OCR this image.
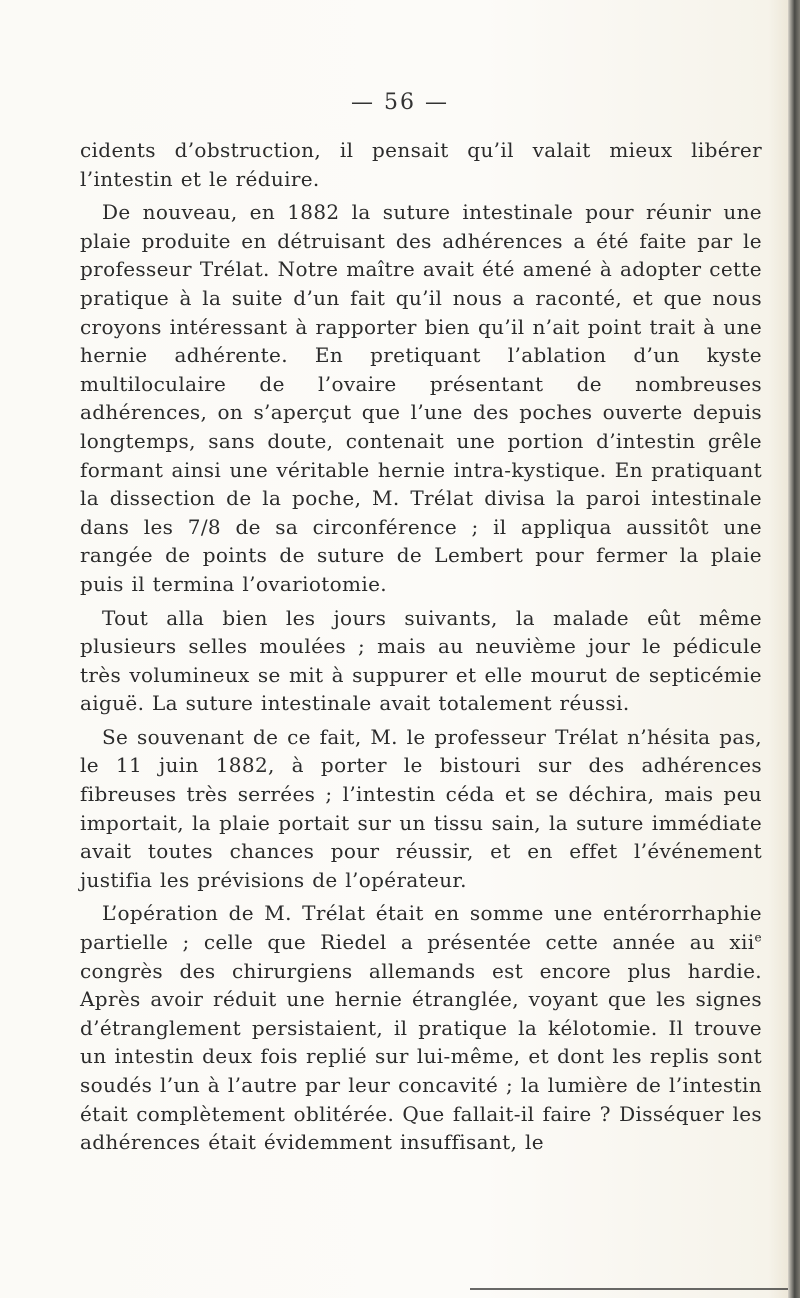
— 56 —

cidents d’obstruction, il pensait qu’il valait mieux libérer l’intestin et le réduire.

De nouveau, en 1882 la suture intestinale pour réunir une plaie produite en détruisant des adhérences a été faite par le professeur Trélat. Notre maître avait été amené à adopter cette pratique à la suite d’un fait qu’il nous a raconté, et que nous croyons intéressant à rapporter bien qu’il n’ait point trait à une hernie adhérente. En pretiquant l’ablation d’un kyste multiloculaire de l’ovaire présentant de nombreuses adhérences, on s’aperçut que l’une des poches ouverte depuis longtemps, sans doute, contenait une portion d’intestin grêle formant ainsi une véritable hernie intra-kystique. En pratiquant la dissection de la poche, M. Trélat divisa la paroi intestinale dans les 7/8 de sa circonférence ; il appliqua aussitôt une rangée de points de suture de Lembert pour fermer la plaie puis il termina l’ovariotomie.

Tout alla bien les jours suivants, la malade eût même plusieurs selles moulées ; mais au neuvième jour le pédicule très volumineux se mit à suppurer et elle mourut de septicémie aiguë. La suture intestinale avait totalement réussi.

Se souvenant de ce fait, M. le professeur Trélat n’hésita pas, le 11 juin 1882, à porter le bistouri sur des adhérences fibreuses très serrées ; l’intestin céda et se déchira, mais peu importait, la plaie portait sur un tissu sain, la suture immédiate avait toutes chances pour réussir, et en effet l’événement justifia les prévisions de l’opérateur.

L’opération de M. Trélat était en somme une entérorrhaphie partielle ; celle que Riedel a présentée cette année au xii$^e$ congrès des chirurgiens allemands est encore plus hardie. Après avoir réduit une hernie étranglée, voyant que les signes d’étranglement persistaient, il pratique la kélotomie. Il trouve un intestin deux fois replié sur lui-même, et dont les replis sont soudés l’un à l’autre par leur concavité ; la lumière de l’intestin était complètement oblitérée. Que fallait-il faire ? Disséquer les adhérences était évidemment insuffisant, le
